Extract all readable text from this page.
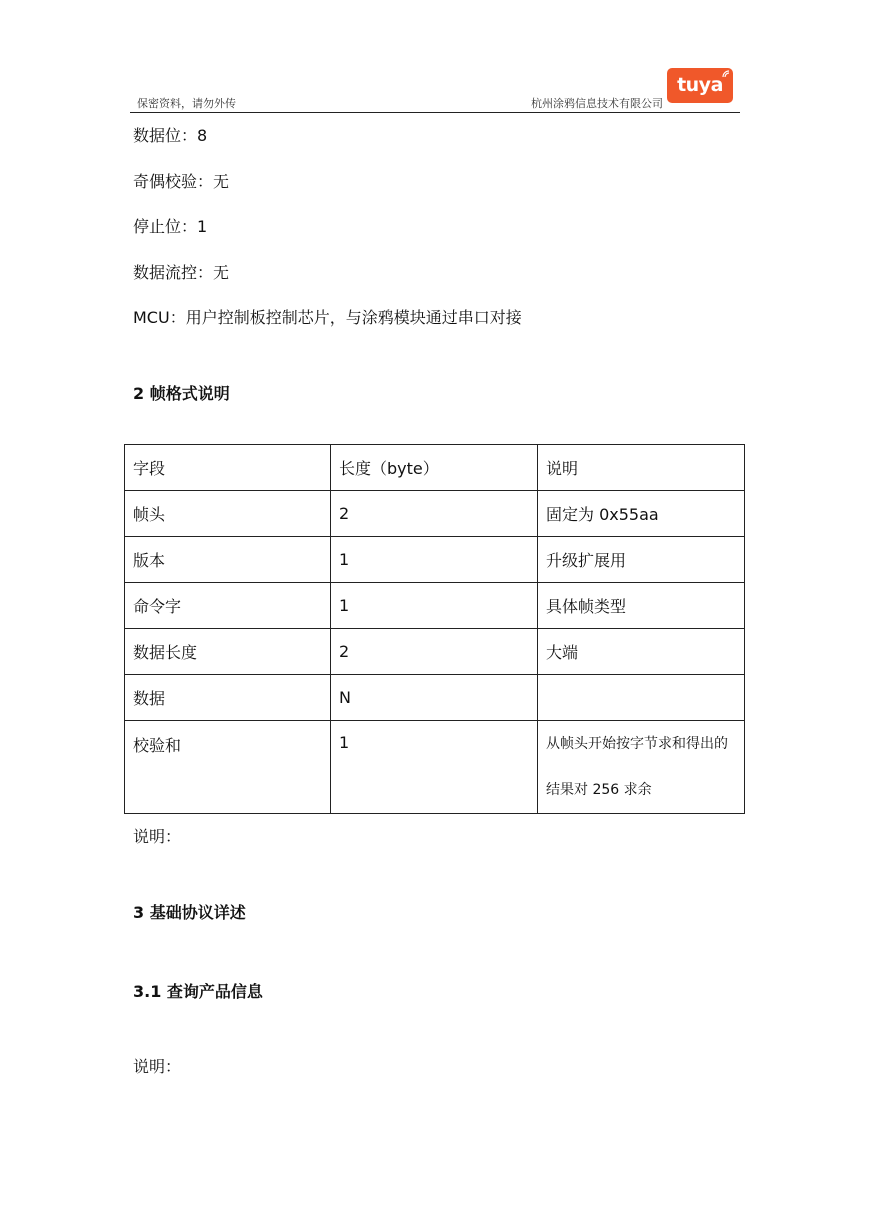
保密资料，请勿外传	杭州涂鸦信息技术有限公司
tuya
数据位：8
奇偶校验：无
停止位：1
数据流控：无
MCU：用户控制板控制芯片，与涂鸦模块通过串口对接
2 帧格式说明
字段	长度（byte）	说明
帧头	2	固定为 0x55aa
版本	1	升级扩展用
命令字	1	具体帧类型
数据长度	2	大端
数据	N	
校验和	1	从帧头开始按字节求和得出的结果对 256 求余
说明：
3 基础协议详述
3.1 查询产品信息
说明：
